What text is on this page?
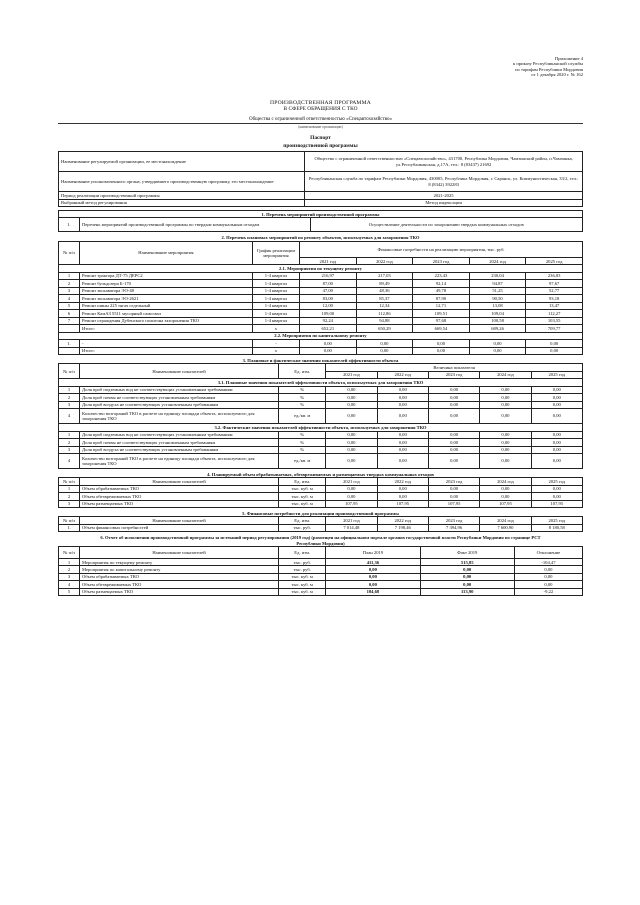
Приложение 4
к приказу Республиканской службы
по тарифам Республики Мордовия
от 1 декабря 2020 г. № 162
ПРОИЗВОДСТВЕННАЯ ПРОГРАММА
В СФЕРЕ ОБРАЩЕНИЯ С ТКО
Общества с ограниченной ответственностью «Спецавтохозяйство»
(наименование организации)
Паспорт
производственной программы
Наименование регулируемой организации, ее местонахождение	Общество с ограниченной ответственностью «Спецавтохозяйство», 431700, Республика Мордовия, Чамзинский район, п.Чамзинка, ул.Республиканская, д.17А, тел.: 8 (83437) 21692
Наименование уполномоченного органа, утвердившего производственную программу, его местонахождение	Республиканская служба по тарифам Республики Мордовия, 430005, Республика Мордовия, г. Саранск, ул. Коммунистическая, 33/2, тел.: 8 (8342) 392283
Период реализации производственной программы	2021-2025
Выбранный метод регулирования	Метод индексации
1. Перечень мероприятий производственной программы
1.	Перечень мероприятий производственной программы по твердым коммунальным отходам	Осуществление деятельности по захоронению твердых коммунальных отходов
2. Перечень плановых мероприятий по ремонту объектов, используемых для захоронения ТКО
№ п/п	Наименование мероприятия	График реализации мероприятия	Финансовые потребности на реализацию мероприятия, тыс. руб.				
			2021 год	2022 год	2023 год	2024 год	2025 год
2.1. Мероприятия по текущему ремонту							
1	Ремонт трактора ДТ-75 ДЕРС2	1-4 квартал	216,97	217,03	223,43	230,04	236,83
2	Ремонт бульдозера Б-170	1-4 квартал	87,00	89,49	92,14	94,87	97,67
3	Ремонт экскаватора ЭО-48	1-4 квартал	47,00	48,36	49,78	51,25	52,77
4	Ремонт экскаватора ЭО-2621	1-4 квартал	83,00	85,37	87,90	90,50	93,18
5	Ремонт шины 225 тягач седельный	1-4 квартал	12,00	12,34	12,71	13,08	13,47
6	Ремонт КамАЗ 5511 мусорный самосвал	1-4 квартал	109,00	112,86	109,51	109,04	112,27
7	Ремонт ограждения Дубенского полигона захоронения ТКО	1-4 квартал	92,24	94,88	97,68	100,58	103,55
	Итого:	х	652,21	650,29	669,54	689,26	709,77
2.2. Мероприятия по капитальному ремонту							
1.	-	-	0,00	0,00	0,00	0,00	0,00
	Итого:	х	0,00	0,00	0,00	0,00	0,00
3. Плановые и фактические значения показателей эффективности объекта
№ п/п	Наименование показателей	Ед. изм.	Величина показателя				
			2021 год	2022 год	2023 год	2024 год	2025 год
3.1. Плановые значения показателей эффективности объекта, используемых для захоронения ТКО							
1	Доля проб подземных вод не соответствующих установленным требованиям	%	0,00	0,00	0,00	0,00	0,00
2	Доля проб почвы не соответствующих установленным требованиям	%	0,00	0,00	0,00	0,00	0,00
3	Доля проб воздуха не соответствующих установленным требованиям	%	0,00	0,00	0,00	0,00	0,00
4	Количество возгораний ТКО в расчете на единицу площади объекта, используемого для захоронения ТКО	ед./кв. м	0,00	0,00	0,00	0,00	0,00
3.2. Фактические значения показателей эффективности объекта, используемых для захоронения ТКО							
1	Доля проб подземных вод не соответствующих установленным требованиям	%	0,00	0,00	0,00	0,00	0,00
2	Доля проб почвы не соответствующих установленным требованиям	%	0,00	0,00	0,00	0,00	0,00
3	Доля проб воздуха не соответствующих установленным требованиям	%	0,00	0,00	0,00	0,00	0,00
4	Количество возгораний ТКО в расчете на единицу площади объекта, используемого для захоронения ТКО	ед./кв. м	0,00	0,00	0,00	0,00	0,00
4. Планируемый объем обрабатываемых, обезвреживаемых и размещаемых твердых коммунальных отходов
№ п/п	Наименование показателей	Ед. изм.	2021 год	2022 год	2023 год	2024 год	2025 год
1	Объем обрабатываемых ТКО	тыс. куб. м	0,00	0,00	0,00	0,00	0,00
2	Объем обезвреживаемых ТКО	тыс. куб. м	0,00	0,00	0,00	0,00	0,00
3	Объем размещаемых ТКО	тыс. куб. м	107,95	107,95	107,95	107,95	107,95
5. Финансовые потребности для реализации производственной программы
№ п/п	Наименование показателей	Ед. изм.	2021 год	2022 год	2023 год	2024 год	2025 год
1.	Объем финансовых потребностей	тыс. руб.	7 014,48	7 198,46	7 394,96	7 600,90	8 180,58
6. Отчет об исполнении производственной программы за истекший период регулирования (2019 год) (размещен на официальном портале органов государственной власти Республики Мордовия по странице РСТ Республики Мордовия)
№ п/п	Наименование показателей	Ед. изм.	План 2019	Факт 2019	Отклонение
1	Мероприятия по текущему ремонту	тыс. руб.	411,36	515,85	-104,47
2	Мероприятия по капитальному ремонту	тыс. руб.	0,00	0,00	0,00
3	Объем обрабатываемых ТКО	тыс. куб. м	0,00	0,00	0,00
4	Объем обезвреживаемых ТКО	тыс. куб. м	0,00	0,00	0,00
5	Объем размещаемых ТКО	тыс. куб. м	104,68	113,90	-9,22
